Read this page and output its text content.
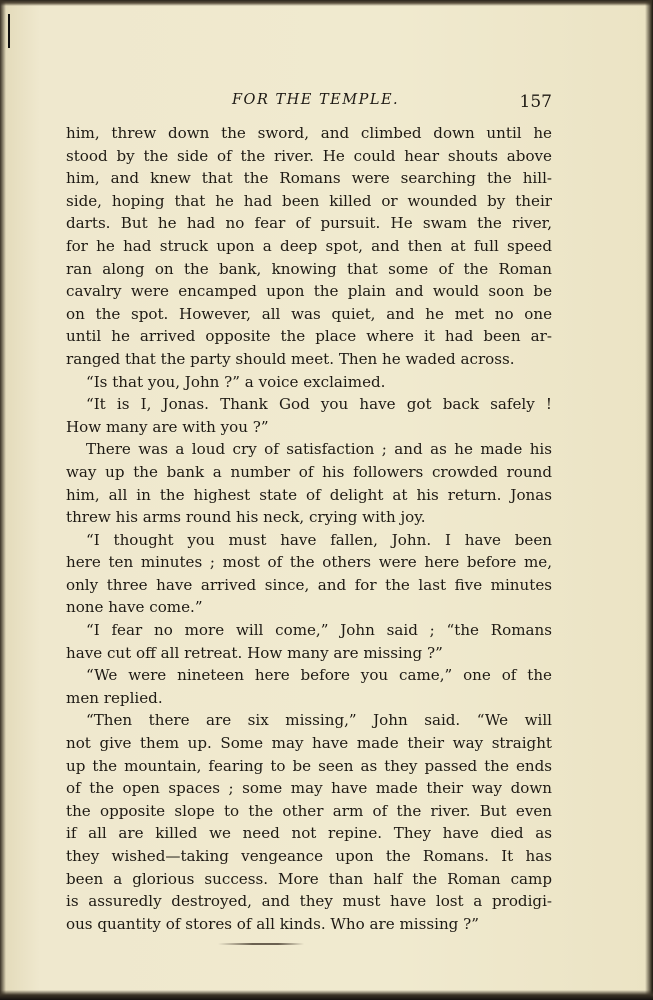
FOR THE TEMPLE.	157
him, threw down the sword, and climbed down until he
stood by the side of the river. He could hear shouts above
him, and knew that the Romans were searching the hill-
side, hoping that he had been killed or wounded by their
darts. But he had no fear of pursuit. He swam the river,
for he had struck upon a deep spot, and then at full speed
ran along on the bank, knowing that some of the Roman
cavalry were encamped upon the plain and would soon be
on the spot. However, all was quiet, and he met no one
until he arrived opposite the place where it had been ar-
ranged that the party should meet. Then he waded across.
“Is that you, John ?” a voice exclaimed.
“It is I, Jonas. Thank God you have got back safely !
How many are with you ?”
There was a loud cry of satisfaction ; and as he made his
way up the bank a number of his followers crowded round
him, all in the highest state of delight at his return. Jonas
threw his arms round his neck, crying with joy.
“I thought you must have fallen, John. I have been
here ten minutes ; most of the others were here before me,
only three have arrived since, and for the last five minutes
none have come.”
“I fear no more will come,” John said ; “the Romans
have cut off all retreat. How many are missing ?”
“We were nineteen here before you came,” one of the
men replied.
“Then there are six missing,” John said. “We will
not give them up. Some may have made their way straight
up the mountain, fearing to be seen as they passed the ends
of the open spaces ; some may have made their way down
the opposite slope to the other arm of the river. But even
if all are killed we need not repine. They have died as
they wished—taking vengeance upon the Romans. It has
been a glorious success. More than half the Roman camp
is assuredly destroyed, and they must have lost a prodigi-
ous quantity of stores of all kinds. Who are missing ?”
